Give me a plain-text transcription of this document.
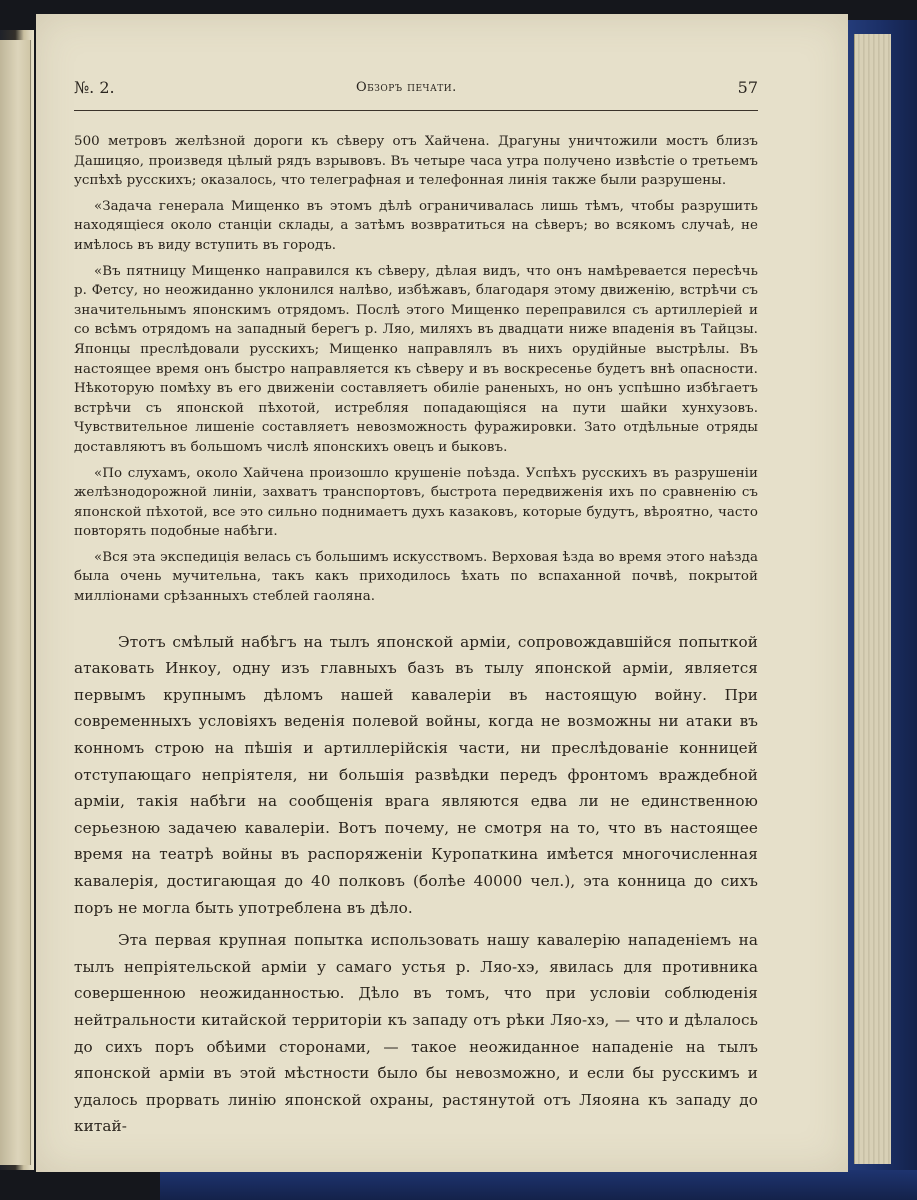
№. 2.	Обзоръ печати.	57

500 метровъ желѣзной дороги къ сѣверу отъ Хайчена. Драгуны уничтожили мостъ близъ Дашицяо, произведя цѣлый рядъ взрывовъ. Въ четыре часа утра получено извѣстіе о третьемъ успѣхѣ русскихъ; оказалось, что телеграфная и телефонная линія также были разрушены.

«Задача генерала Мищенко въ этомъ дѣлѣ ограничивалась лишь тѣмъ, чтобы разрушить находящіеся около станціи склады, а затѣмъ возвратиться на сѣверъ; во всякомъ случаѣ, не имѣлось въ виду вступить въ городъ.

«Въ пятницу Мищенко направился къ сѣверу, дѣлая видъ, что онъ намѣревается пересѣчь р. Фетсу, но неожиданно уклонился налѣво, избѣжавъ, благодаря этому движенію, встрѣчи съ значительнымъ японскимъ отрядомъ. Послѣ этого Мищенко переправился съ артиллеріей и со всѣмъ отрядомъ на западный берегъ р. Ляо, миляхъ въ двадцати ниже впаденія въ Тайцзы. Японцы преслѣдовали русскихъ; Мищенко направлялъ въ нихъ орудійные выстрѣлы. Въ настоящее время онъ быстро направляется къ сѣверу и въ воскресенье будетъ внѣ опасности. Нѣкоторую помѣху въ его движеніи составляетъ обиліе раненыхъ, но онъ успѣшно избѣгаетъ встрѣчи съ японской пѣхотой, истребляя попадающіяся на пути шайки хунхузовъ. Чувствительное лишеніе составляетъ невозможность фуражировки. Зато отдѣльные отряды доставляютъ въ большомъ числѣ японскихъ овецъ и быковъ.

«По слухамъ, около Хайчена произошло крушеніе поѣзда. Успѣхъ русскихъ въ разрушеніи желѣзнодорожной линіи, захватъ транспортовъ, быстрота передвиженія ихъ по сравненію съ японской пѣхотой, все это сильно поднимаетъ духъ казаковъ, которые будутъ, вѣроятно, часто повторять подобные набѣги.

«Вся эта экспедиція велась съ большимъ искусствомъ. Верховая ѣзда во время этого наѣзда была очень мучительна, такъ какъ приходилось ѣхать по вспаханной почвѣ, покрытой милліонами срѣзанныхъ стеблей гаоляна.

Этотъ смѣлый набѣгъ на тылъ японской арміи, сопровождавшійся попыткой атаковать Инкоу, одну изъ главныхъ базъ въ тылу японской арміи, является первымъ крупнымъ дѣломъ нашей кавалеріи въ настоящую войну. При современныхъ условіяхъ веденія полевой войны, когда не возможны ни атаки въ конномъ строю на пѣшія и артиллерійскія части, ни преслѣдованіе конницей отступающаго непріятеля, ни большія развѣдки передъ фронтомъ враждебной арміи, такія набѣги на сообщенія врага являются едва ли не единственною серьезною задачею кавалеріи. Вотъ почему, не смотря на то, что въ настоящее время на театрѣ войны въ распоряженіи Куропаткина имѣется многочисленная кавалерія, достигающая до 40 полковъ (болѣе 40000 чел.), эта конница до сихъ поръ не могла быть употреблена въ дѣло.

Эта первая крупная попытка использовать нашу кавалерію нападеніемъ на тылъ непріятельской арміи у самаго устья р. Ляо-хэ, явилась для противника совершенною неожиданностью. Дѣло въ томъ, что при условіи соблюденія нейтральности китайской территоріи къ западу отъ рѣки Ляо-хэ, — что и дѣлалось до сихъ поръ обѣими сторонами, — такое неожиданное нападеніе на тылъ японской арміи въ этой мѣстности было бы невозможно, и если бы русскимъ и удалось прорвать линію японской охраны, растянутой отъ Ляояна къ западу до китай-
